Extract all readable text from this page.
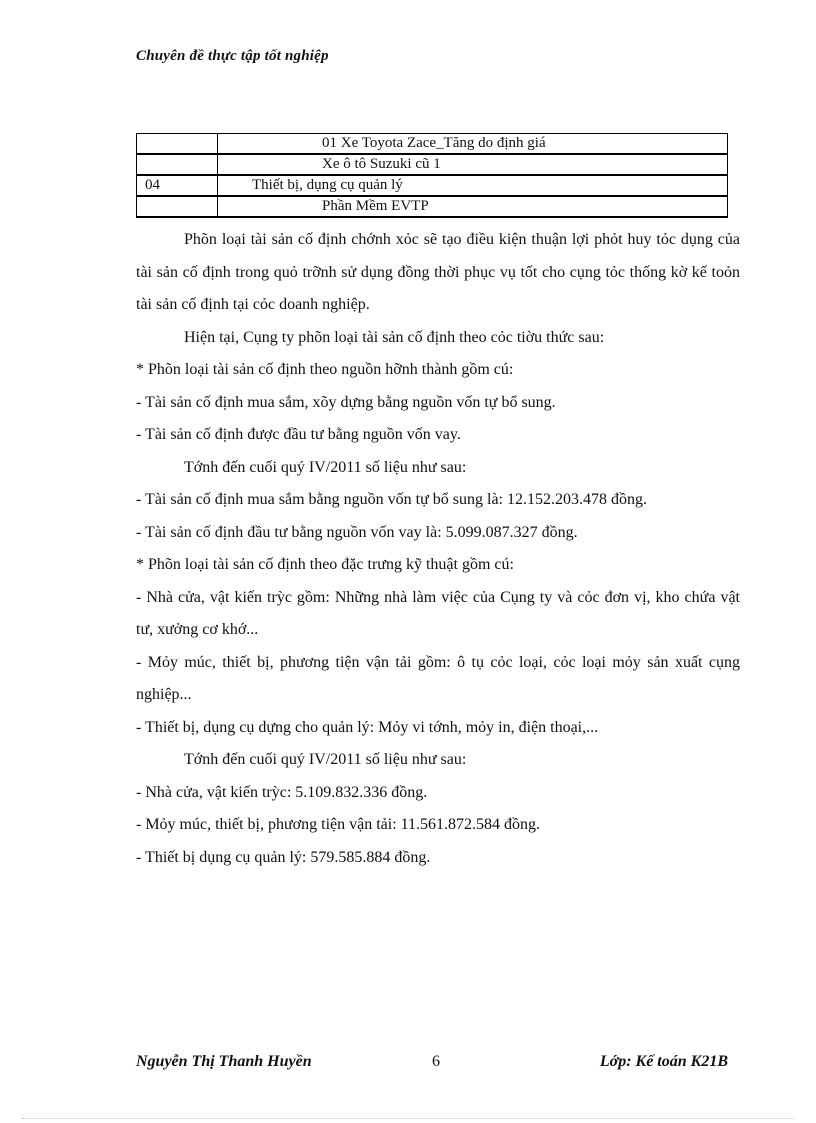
Chuyên đề thực tập tốt nghiệp
	01 Xe Toyota Zace_Tăng do định giá
	Xe ô tô Suzuki cũ 1
04	Thiết bị, dụng cụ quản lý
	Phần Mềm EVTP

Phõn loại tài sản cố định chớnh xỏc sẽ tạo điều kiện thuận lợi phỏt huy tỏc dụng của tài sản cố định trong quỏ trỡnh sử dụng đồng thời phục vụ tốt cho cụng tỏc thống kờ kế toỏn tài sản cố định tại cỏc doanh nghiệp.

Hiện tại, Cụng ty phõn loại tài sản cố định theo cỏc tiờu thức sau:

* Phõn loại tài sản cố định theo nguồn hỡnh thành gồm cú:

- Tài sản cố định mua sắm, xõy dựng bằng nguồn vốn tự bổ sung.

- Tài sản cố định được đầu tư bằng nguồn vốn vay.

Tớnh đến cuối quý IV/2011 số liệu như sau:

- Tài sản cố định mua sắm bằng nguồn vốn tự bổ sung là: 12.152.203.478 đồng.

- Tài sản cố định đầu tư bằng nguồn vốn vay là: 5.099.087.327 đồng.

* Phõn loại tài sản cố định theo đặc trưng kỹ thuật gồm cú:

- Nhà cửa, vật kiến trỳc gồm: Những nhà làm việc của Cụng ty và cỏc đơn vị, kho chứa vật tư, xưởng cơ khớ...

- Mỏy múc, thiết bị, phương tiện vận tải gồm: ô tụ cỏc loại, cỏc loại mỏy sản xuất cụng nghiệp...

- Thiết bị, dụng cụ dựng cho quản lý: Mỏy vi tớnh, mỏy in, điện thoại,...

Tớnh đến cuối quý IV/2011 số liệu như sau:

- Nhà cửa, vật kiến trỳc: 5.109.832.336 đồng.

- Mỏy múc, thiết bị, phương tiện vận tải: 11.561.872.584 đồng.

- Thiết bị dụng cụ quản lý: 579.585.884 đồng.

Nguyễn Thị Thanh Huyền	6	Lớp: Kế toán K21B
